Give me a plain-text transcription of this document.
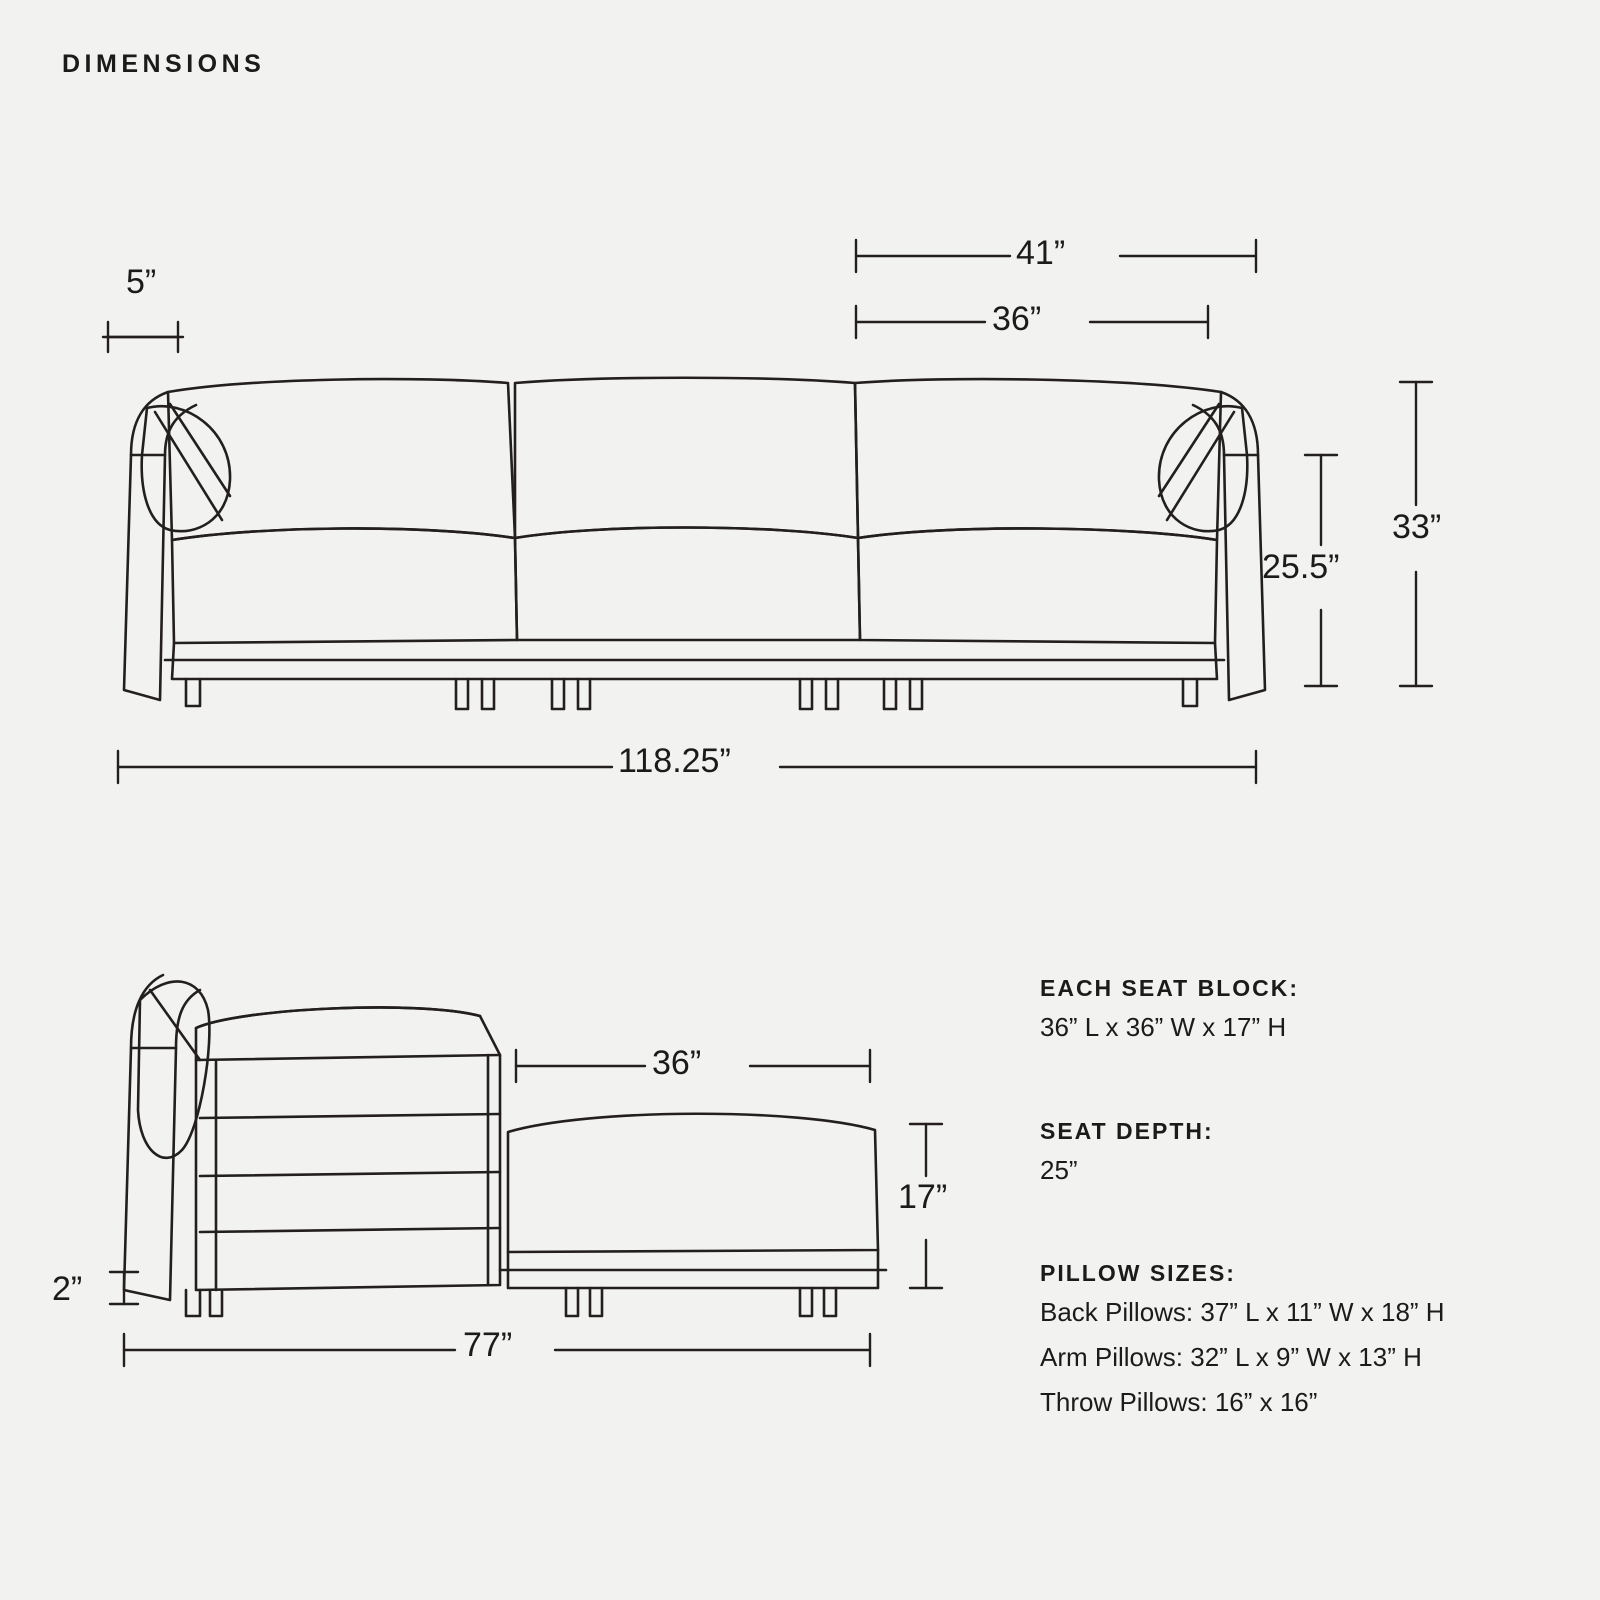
DIMENSIONS
5”
41”
36”
25.5”
33”
118.25”
36”
17”
2”
77”
EACH SEAT BLOCK:
36” L x 36” W x 17” H
SEAT DEPTH:
25”
PILLOW SIZES:
Back Pillows: 37” L x 11” W x 18” H
Arm Pillows: 32” L x 9” W x 13” H
Throw Pillows: 16” x 16”
